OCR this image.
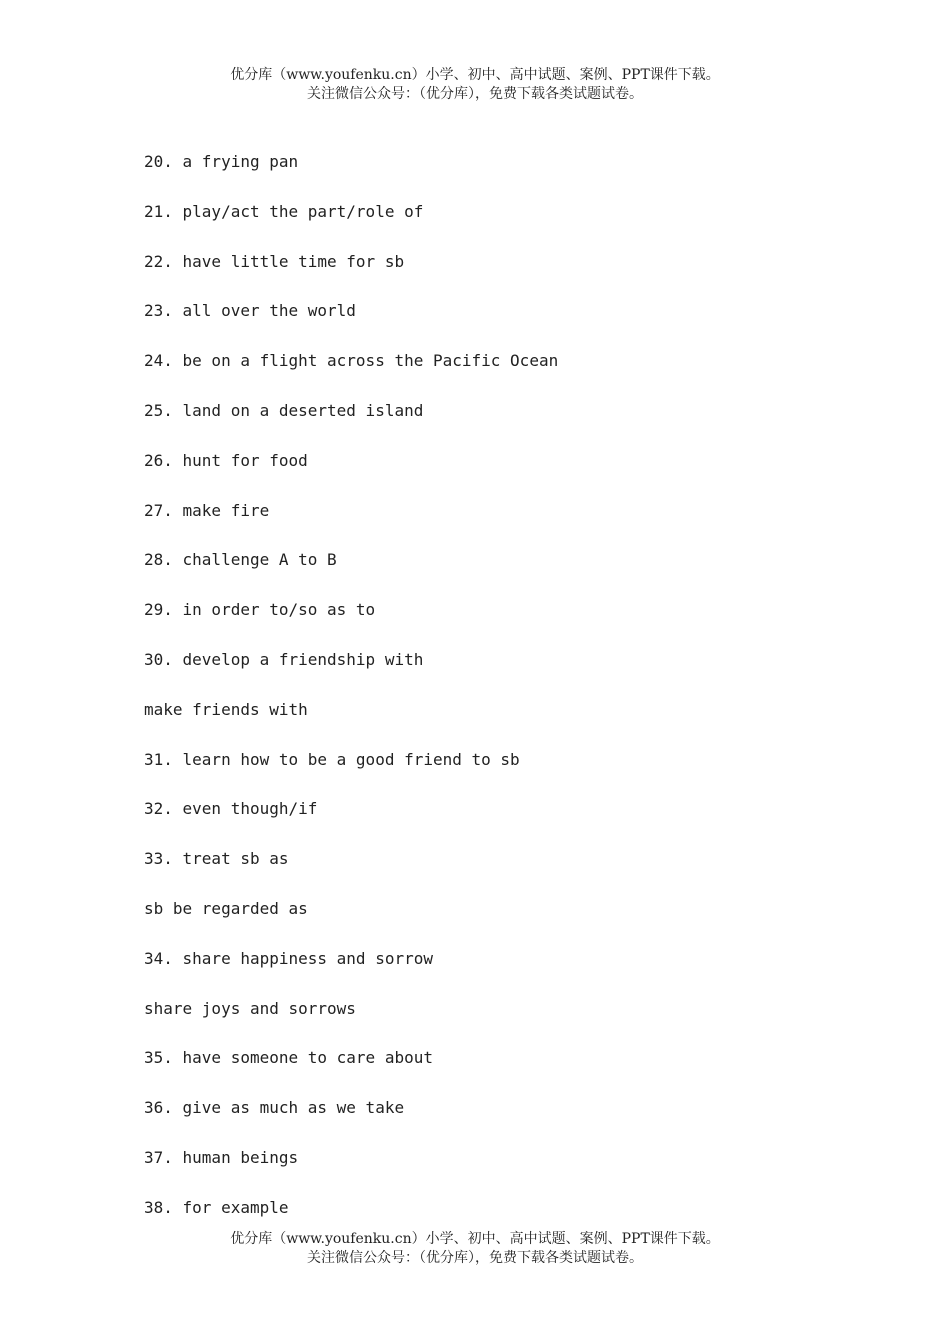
优分库（www.youfenku.cn）小学、初中、高中试题、案例、PPT课件下载。
关注微信公众号：（优分库），免费下载各类试题试卷。
20. a frying pan
21. play/act the part/role of
22. have little time for sb
23. all over the world
24. be on a flight across the Pacific Ocean
25. land on a deserted island
26. hunt for food
27. make fire
28. challenge A to B
29. in order to/so as to
30. develop a friendship with
make friends with
31. learn how to be a good friend to sb
32. even though/if
33. treat sb as
sb be regarded as
34. share happiness and sorrow
share joys and sorrows
35. have someone to care about
36. give as much as we take
37. human beings
38. for example
优分库（www.youfenku.cn）小学、初中、高中试题、案例、PPT课件下载。
关注微信公众号：（优分库），免费下载各类试题试卷。
